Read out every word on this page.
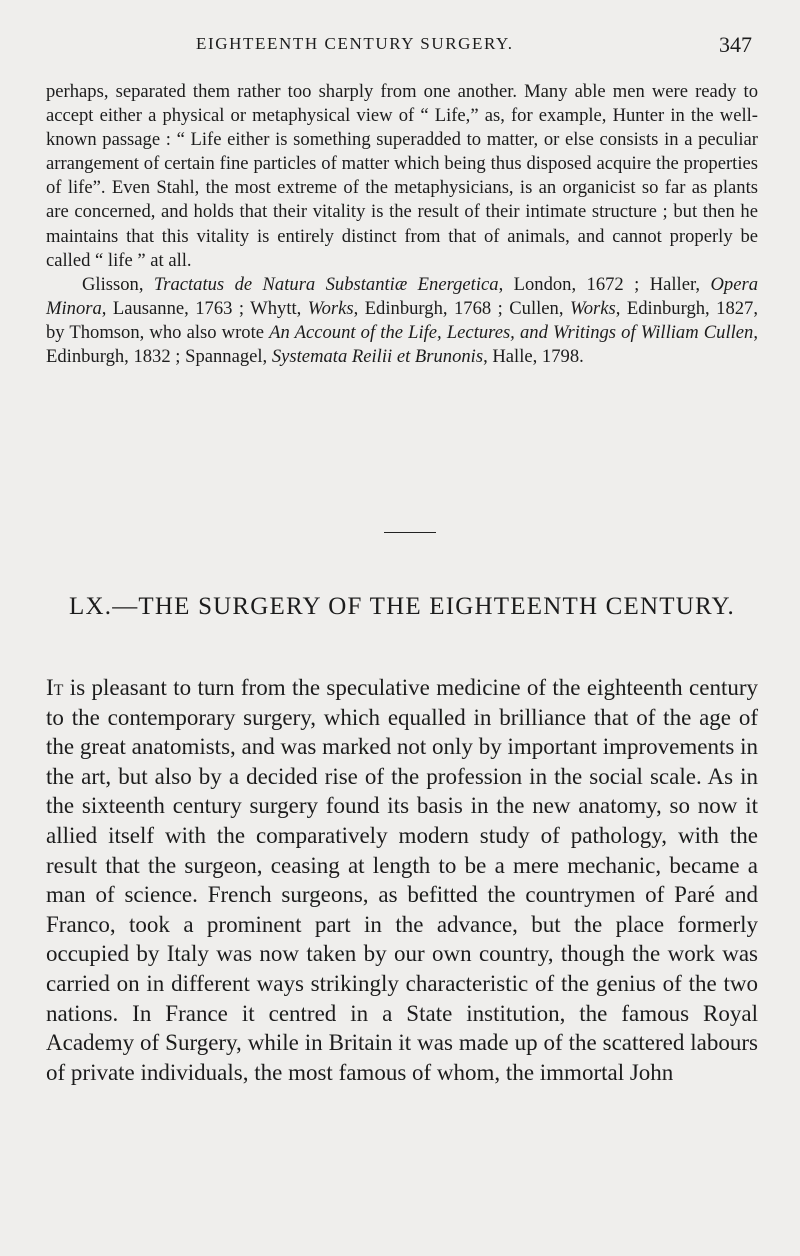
EIGHTEENTH CENTURY SURGERY.	347

perhaps, separated them rather too sharply from one another. Many able men were ready to accept either a physical or metaphysical view of “ Life,” as, for example, Hunter in the well-known passage : “ Life either is something superadded to matter, or else consists in a peculiar arrangement of certain fine particles of matter which being thus disposed acquire the properties of life”. Even Stahl, the most extreme of the metaphysicians, is an organicist so far as plants are concerned, and holds that their vitality is the result of their intimate structure ; but then he maintains that this vitality is entirely distinct from that of animals, and cannot properly be called “ life ” at all.

Glisson, Tractatus de Natura Substantiæ Energetica, London, 1672 ; Haller, Opera Minora, Lausanne, 1763 ; Whytt, Works, Edinburgh, 1768 ; Cullen, Works, Edinburgh, 1827, by Thomson, who also wrote An Account of the Life, Lectures, and Writings of William Cullen, Edinburgh, 1832 ; Spannagel, Systemata Reilii et Brunonis, Halle, 1798.

LX.—THE SURGERY OF THE EIGHTEENTH CENTURY.

It is pleasant to turn from the speculative medicine of the eighteenth century to the contemporary surgery, which equalled in brilliance that of the age of the great anatomists, and was marked not only by important improvements in the art, but also by a decided rise of the profession in the social scale. As in the sixteenth century surgery found its basis in the new anatomy, so now it allied itself with the comparatively modern study of pathology, with the result that the surgeon, ceasing at length to be a mere mechanic, became a man of science. French surgeons, as befitted the countrymen of Paré and Franco, took a prominent part in the advance, but the place formerly occupied by Italy was now taken by our own country, though the work was carried on in different ways strikingly characteristic of the genius of the two nations. In France it centred in a State institution, the famous Royal Academy of Surgery, while in Britain it was made up of the scattered labours of private individuals, the most famous of whom, the immortal John
